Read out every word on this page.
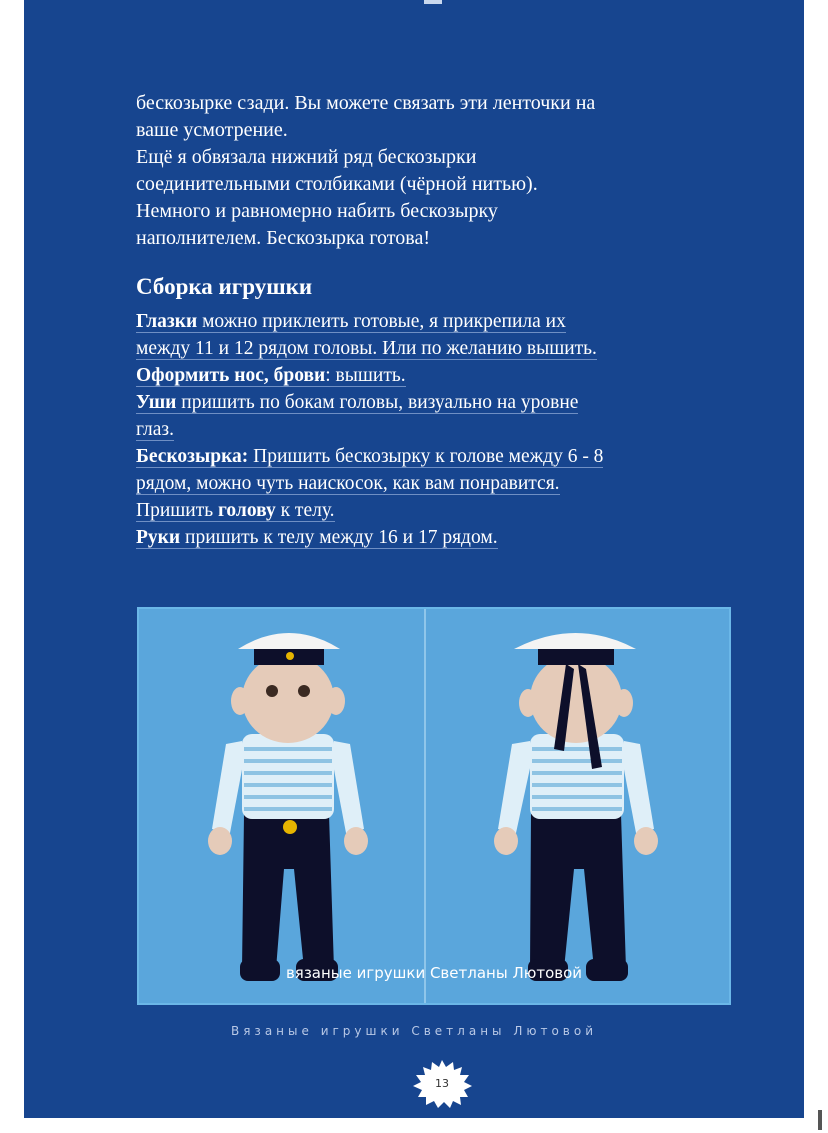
бескозырке сзади. Вы можете связать эти ленточки на

ваше усмотрение.

Ещё я обвязала нижний ряд бескозырки

соединительными столбиками (чёрной нитью).

Немного и равномерно набить бескозырку

наполнителем. Бескозырка готова!

Сборка игрушки

Глазки можно приклеить готовые, я прикрепила их

между 11 и 12 рядом головы. Или по желанию вышить.

Оформить нос, брови: вышить.

Уши пришить по бокам головы, визуально на уровне

глаз.

Бескозырка: Пришить бескозырку к голове между 6 - 8

рядом, можно чуть наискосок, как вам понравится.

Пришить голову к телу.

Руки пришить к телу между 16 и 17 рядом.

вязаные игрушки Светланы Лютовой
Вязаные игрушки Светланы Лютовой
13
